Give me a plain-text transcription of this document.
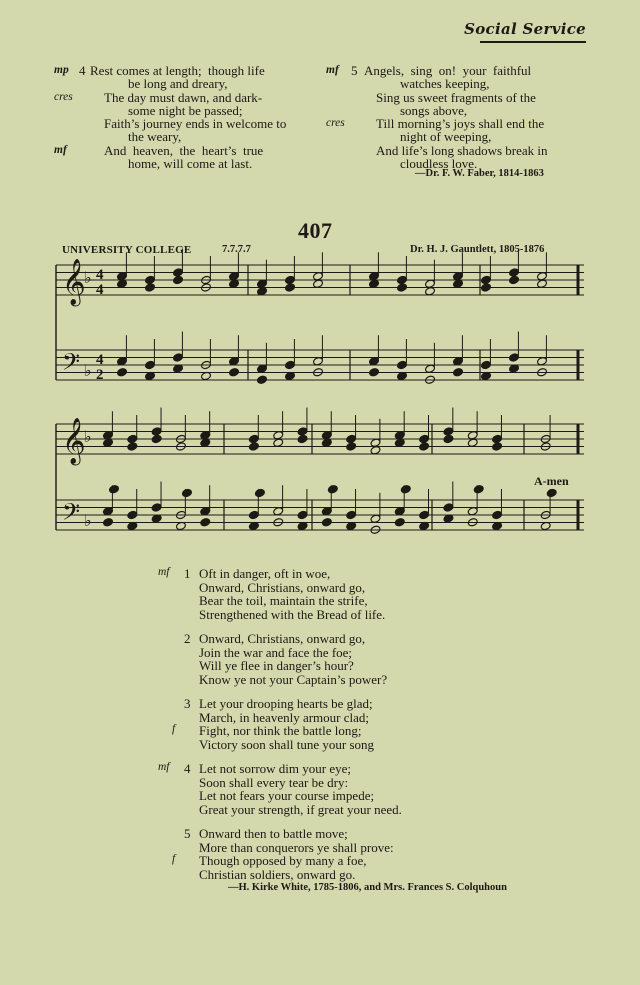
Social Service
mp 4 Rest comes at length;  though life
be long and dreary,
cres The day must dawn, and dark-
some night be passed;
Faith’s journey ends in welcome to
the weary,
mf	And  heaven,  the  heart’s  true
home, will come at last.
mf 5 Angels,  sing  on!  your  faithful
watches keeping,
Sing us sweet fragments of the
songs above,
cres Till morning’s joys shall end the
night of weeping,
And life’s long shadows break in
cloudless love.
—Dr. F. W. Faber, 1814-1863
407
UNIVERSITY COLLEGE	7.7.7.7	Dr. H. J. Gauntlett, 1805-1876
𝄞
𝄢
♭
♭
4
4
4
2
𝄞
𝄢
♭
♭
A-men
mf 1 Oft in danger, oft in woe,
Onward, Christians, onward go,
Bear the toil, maintain the strife,
Strengthened with the Bread of life.
2 Onward, Christians, onward go,
Join the war and face the foe;
Will ye flee in danger’s hour?
Know ye not your Captain’s power?
3 Let your drooping hearts be glad;
March, in heavenly armour clad;
f Fight, nor think the battle long;
Victory soon shall tune your song
mf 4 Let not sorrow dim your eye;
Soon shall every tear be dry:
Let not fears your course impede;
Great your strength, if great your need.
5 Onward then to battle move;
More than conquerors ye shall prove:
f Though opposed by many a foe,
Christian soldiers, onward go.
—H. Kirke White, 1785-1806, and Mrs. Frances S. Colquhoun
